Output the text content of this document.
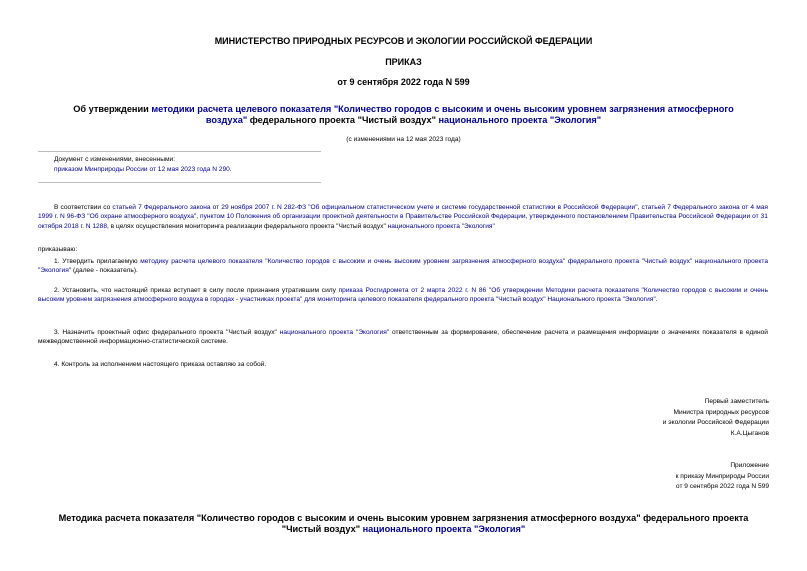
МИНИСТЕРСТВО ПРИРОДНЫХ РЕСУРСОВ И ЭКОЛОГИИ РОССИЙСКОЙ ФЕДЕРАЦИИ
ПРИКАЗ
от 9 сентября 2022 года N 599
Об утверждении методики расчета целевого показателя "Количество городов с высоким и очень высоким уровнем загрязнения атмосферного воздуха" федерального проекта "Чистый воздух" национального проекта "Экология"
(с изменениями на 12 мая 2023 года)
Документ с изменениями, внесенными:
приказом Минприроды России от 12 мая 2023 года N 290.
В соответствии со статьей 7 Федерального закона от 29 ноября 2007 г. N 282-ФЗ "Об официальном статистическом учете и системе государственной статистики в Российской Федерации", статьей 7 Федерального закона от 4 мая 1999 г. N 96-ФЗ "Об охране атмосферного воздуха", пунктом 10 Положения об организации проектной деятельности в Правительстве Российской Федерации, утвержденного постановлением Правительства Российской Федерации от 31 октября 2018 г. N 1288, в целях осуществления мониторинга реализации федерального проекта "Чистый воздух" национального проекта "Экология"
приказываю:
1. Утвердить прилагаемую методику расчета целевого показателя "Количество городов с высоким и очень высоким уровнем загрязнения атмосферного воздуха" федерального проекта "Чистый воздух" национального проекта "Экология" (далее - показатель).
2. Установить, что настоящий приказ вступает в силу после признания утратившим силу приказа Росгидромета от 2 марта 2022 г. N 86 "Об утверждении Методики расчета показателя "Количество городов с высоким и очень высоким уровнем загрязнения атмосферного воздуха в городах - участниках проекта" для мониторинга целевого показателя федерального проекта "Чистый воздух" Национального проекта "Экология".
3. Назначить проектный офис федерального проекта "Чистый воздух" национального проекта "Экология" ответственным за формирование, обеспечение расчета и размещения информации о значениях показателя в единой межведомственной информационно-статистической системе.
4. Контроль за исполнением настоящего приказа оставляю за собой.
Первый заместитель
Министра природных ресурсов
и экологии Российской Федерации
К.А.Цыганов
Приложение
к приказу Минприроды России
от 9 сентября 2022 года N 599
Методика расчета показателя "Количество городов с высоким и очень высоким уровнем загрязнения атмосферного воздуха" федерального проекта "Чистый воздух" национального проекта "Экология"
